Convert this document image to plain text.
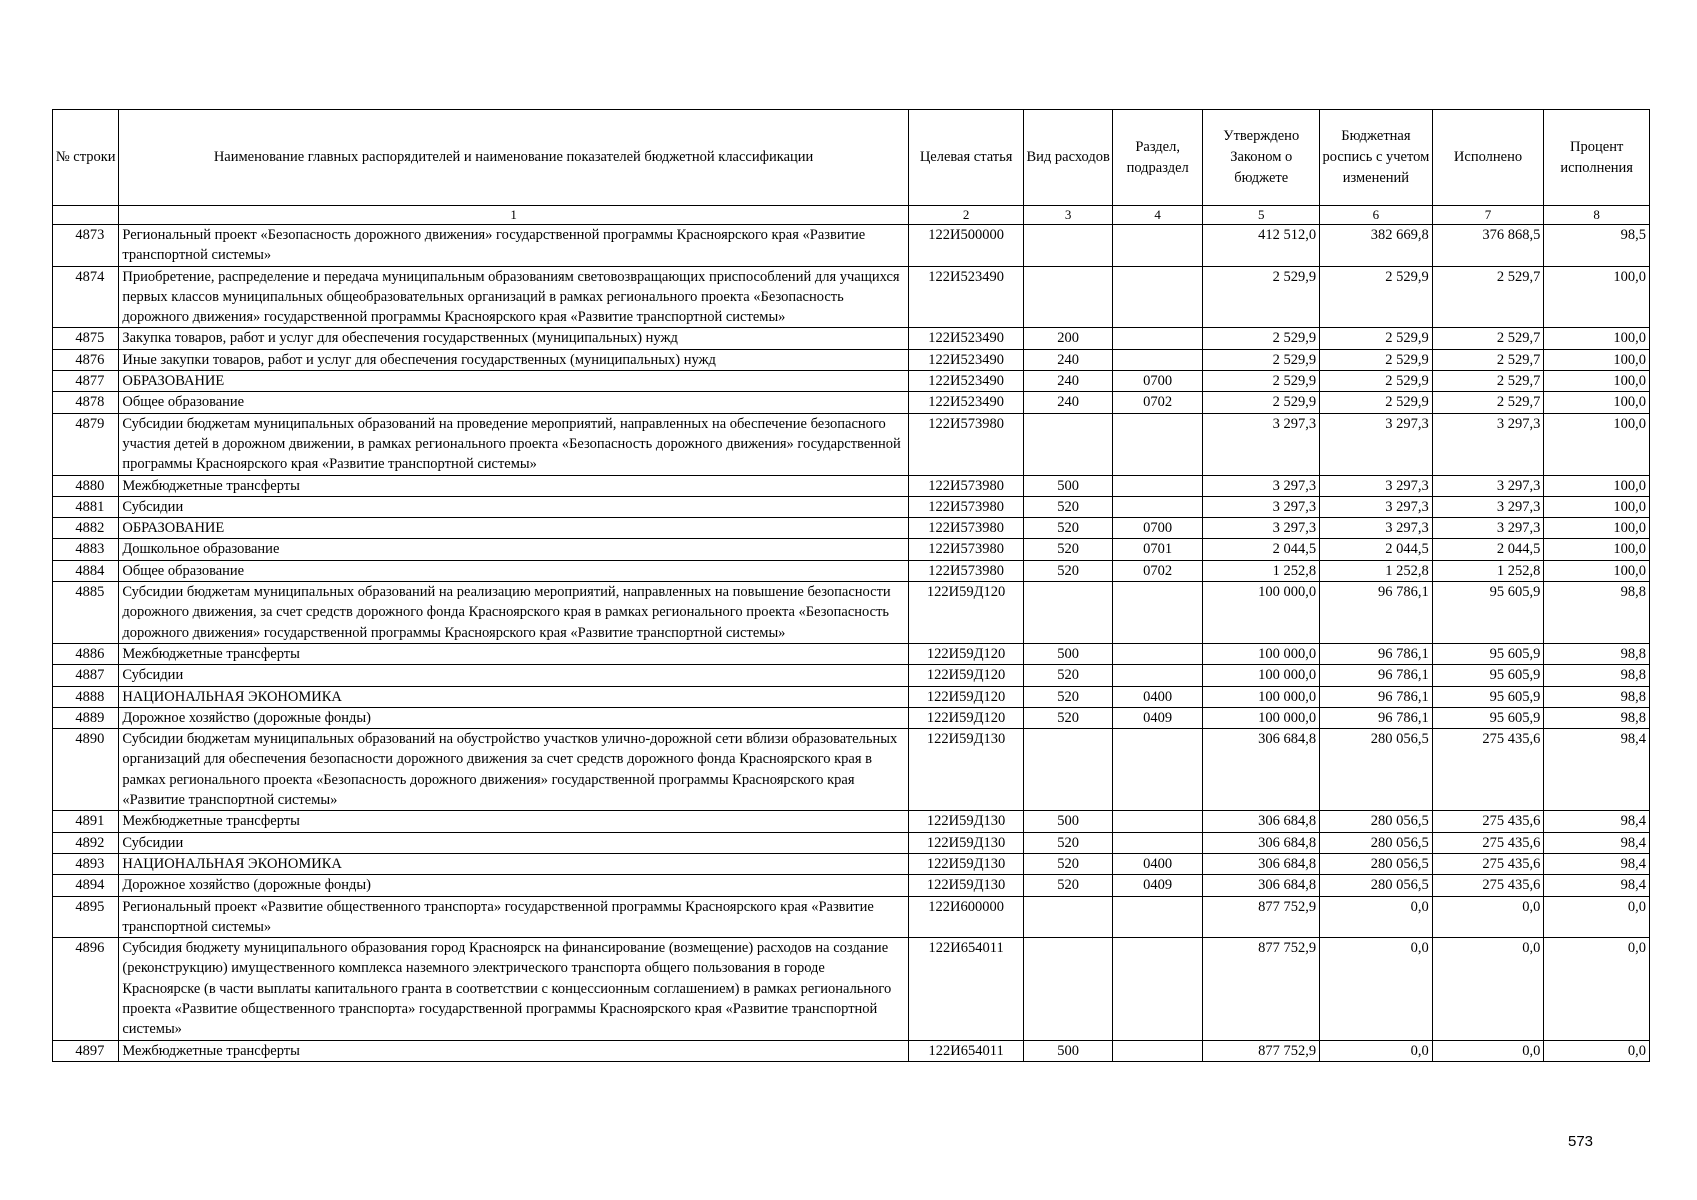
№ строки	Наименование главных распорядителей и наименование показателей бюджетной классификации	Целевая статья	Вид расходов	Раздел, подраздел	Утверждено Законом о бюджете	Бюджетная роспись с учетом изменений	Исполнено	Процент исполнения
	1	2	3	4	5	6	7	8
4873	Региональный проект «Безопасность дорожного движения» государственной программы Красноярского края «Развитие транспортной системы»	122И500000			412 512,0	382 669,8	376 868,5	98,5
4874	Приобретение, распределение и передача муниципальным образованиям световозвращающих приспособлений для учащихся первых классов муниципальных общеобразовательных организаций в рамках регионального проекта «Безопасность дорожного движения» государственной программы Красноярского края «Развитие транспортной системы»	122И523490			2 529,9	2 529,9	2 529,7	100,0
4875	Закупка товаров, работ и услуг для обеспечения государственных (муниципальных) нужд	122И523490	200		2 529,9	2 529,9	2 529,7	100,0
4876	Иные закупки товаров, работ и услуг для обеспечения государственных (муниципальных) нужд	122И523490	240		2 529,9	2 529,9	2 529,7	100,0
4877	ОБРАЗОВАНИЕ	122И523490	240	0700	2 529,9	2 529,9	2 529,7	100,0
4878	Общее образование	122И523490	240	0702	2 529,9	2 529,9	2 529,7	100,0
4879	Субсидии бюджетам муниципальных образований на проведение мероприятий, направленных на обеспечение безопасного участия детей в дорожном движении, в рамках регионального проекта «Безопасность дорожного движения» государственной программы Красноярского края «Развитие транспортной системы»	122И573980			3 297,3	3 297,3	3 297,3	100,0
4880	Межбюджетные трансферты	122И573980	500		3 297,3	3 297,3	3 297,3	100,0
4881	Субсидии	122И573980	520		3 297,3	3 297,3	3 297,3	100,0
4882	ОБРАЗОВАНИЕ	122И573980	520	0700	3 297,3	3 297,3	3 297,3	100,0
4883	Дошкольное образование	122И573980	520	0701	2 044,5	2 044,5	2 044,5	100,0
4884	Общее образование	122И573980	520	0702	1 252,8	1 252,8	1 252,8	100,0
4885	Субсидии бюджетам муниципальных образований на реализацию мероприятий, направленных на повышение безопасности дорожного движения, за счет средств дорожного фонда Красноярского края в рамках регионального проекта «Безопасность дорожного движения» государственной программы Красноярского края «Развитие транспортной системы»	122И59Д120			100 000,0	96 786,1	95 605,9	98,8
4886	Межбюджетные трансферты	122И59Д120	500		100 000,0	96 786,1	95 605,9	98,8
4887	Субсидии	122И59Д120	520		100 000,0	96 786,1	95 605,9	98,8
4888	НАЦИОНАЛЬНАЯ ЭКОНОМИКА	122И59Д120	520	0400	100 000,0	96 786,1	95 605,9	98,8
4889	Дорожное хозяйство (дорожные фонды)	122И59Д120	520	0409	100 000,0	96 786,1	95 605,9	98,8
4890	Субсидии бюджетам муниципальных образований на обустройство участков улично-дорожной сети вблизи образовательных организаций для обеспечения безопасности дорожного движения за счет средств дорожного фонда Красноярского края в рамках регионального проекта «Безопасность дорожного движения» государственной программы Красноярского края «Развитие транспортной системы»	122И59Д130			306 684,8	280 056,5	275 435,6	98,4
4891	Межбюджетные трансферты	122И59Д130	500		306 684,8	280 056,5	275 435,6	98,4
4892	Субсидии	122И59Д130	520		306 684,8	280 056,5	275 435,6	98,4
4893	НАЦИОНАЛЬНАЯ ЭКОНОМИКА	122И59Д130	520	0400	306 684,8	280 056,5	275 435,6	98,4
4894	Дорожное хозяйство (дорожные фонды)	122И59Д130	520	0409	306 684,8	280 056,5	275 435,6	98,4
4895	Региональный проект «Развитие общественного транспорта» государственной программы Красноярского края «Развитие транспортной системы»	122И600000			877 752,9	0,0	0,0	0,0
4896	Субсидия бюджету муниципального образования город Красноярск на финансирование (возмещение) расходов на создание (реконструкцию) имущественного комплекса наземного электрического транспорта общего пользования в городе Красноярске (в части выплаты капитального гранта в соответствии с концессионным соглашением) в рамках регионального проекта «Развитие общественного транспорта» государственной программы Красноярского края «Развитие транспортной системы»	122И654011			877 752,9	0,0	0,0	0,0
4897	Межбюджетные трансферты	122И654011	500		877 752,9	0,0	0,0	0,0
573
